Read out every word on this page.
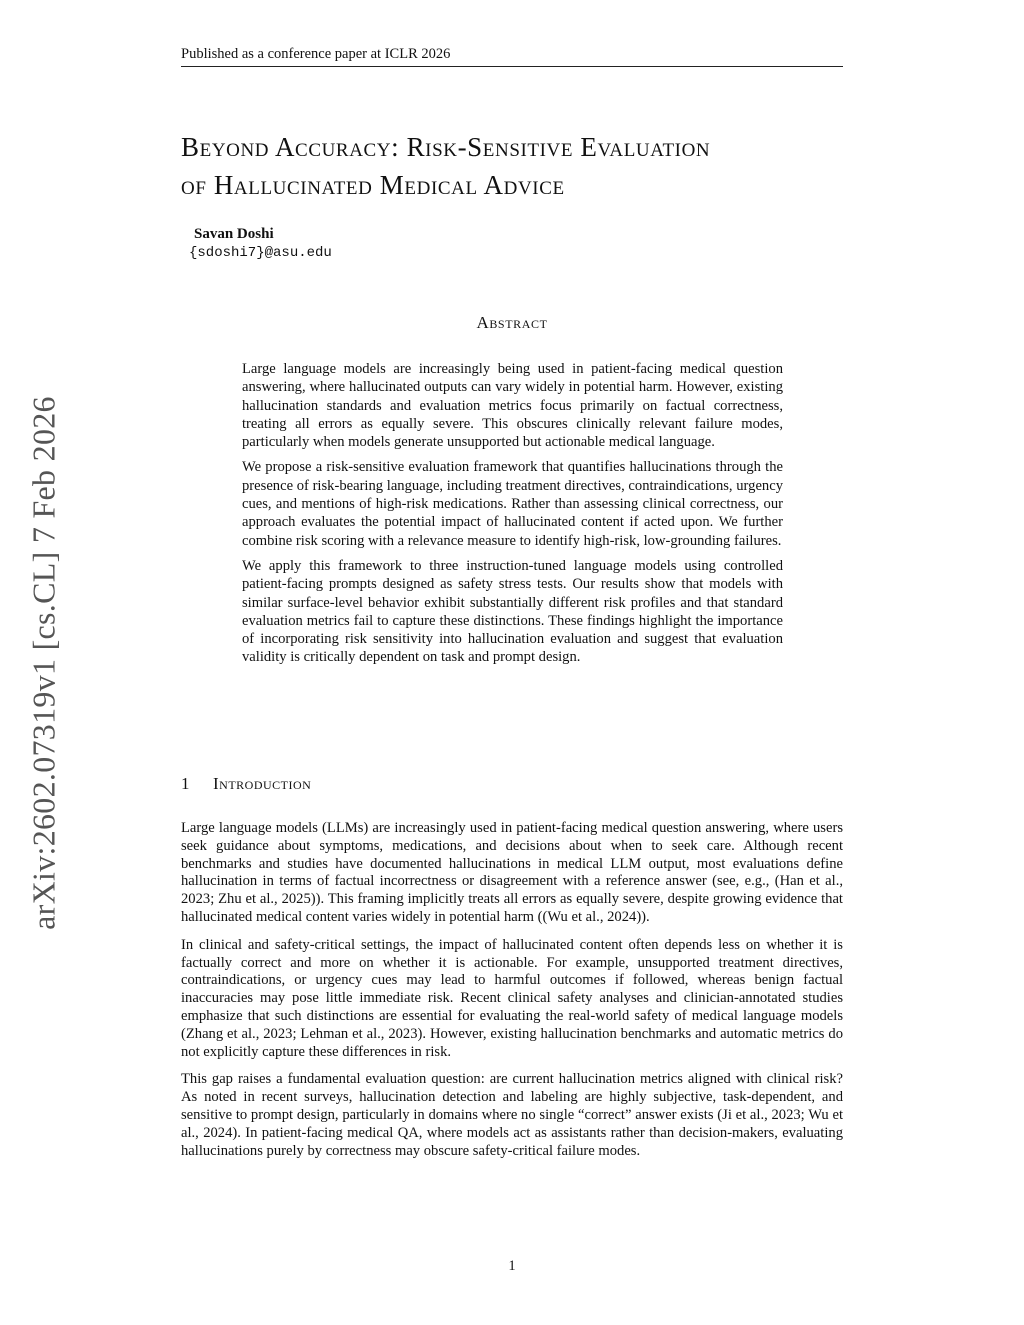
Published as a conference paper at ICLR 2026
Beyond Accuracy: Risk-Sensitive Evaluation
of Hallucinated Medical Advice
Savan Doshi
{sdoshi7}@asu.edu
Abstract

Large language models are increasingly being used in patient-facing medical question answering, where hallucinated outputs can vary widely in potential harm. However, existing hallucination standards and evaluation metrics focus primarily on factual correctness, treating all errors as equally severe. This obscures clinically relevant failure modes, particularly when models generate unsupported but actionable medical language.

We propose a risk-sensitive evaluation framework that quantifies hallucinations through the presence of risk-bearing language, including treatment directives, contraindications, urgency cues, and mentions of high-risk medications. Rather than assessing clinical correctness, our approach evaluates the potential impact of hallucinated content if acted upon. We further combine risk scoring with a relevance measure to identify high-risk, low-grounding failures.

We apply this framework to three instruction-tuned language models using controlled patient-facing prompts designed as safety stress tests. Our results show that models with similar surface-level behavior exhibit substantially different risk profiles and that standard evaluation metrics fail to capture these distinctions. These findings highlight the importance of incorporating risk sensitivity into hallucination evaluation and suggest that evaluation validity is critically dependent on task and prompt design.

arXiv:2602.07319v1 [cs.CL] 7 Feb 2026	1 Introduction

Large language models (LLMs) are increasingly used in patient-facing medical question answering, where users seek guidance about symptoms, medications, and decisions about when to seek care. Although recent benchmarks and studies have documented hallucinations in medical LLM output, most evaluations define hallucination in terms of factual incorrectness or disagreement with a reference answer (see, e.g., (Han et al., 2023; Zhu et al., 2025)). This framing implicitly treats all errors as equally severe, despite growing evidence that hallucinated medical content varies widely in potential harm ((Wu et al., 2024)).

In clinical and safety-critical settings, the impact of hallucinated content often depends less on whether it is factually correct and more on whether it is actionable. For example, unsupported treatment directives, contraindications, or urgency cues may lead to harmful outcomes if followed, whereas benign factual inaccuracies may pose little immediate risk. Recent clinical safety analyses and clinician-annotated studies emphasize that such distinctions are essential for evaluating the real-world safety of medical language models (Zhang et al., 2023; Lehman et al., 2023). However, existing hallucination benchmarks and automatic metrics do not explicitly capture these differences in risk.

This gap raises a fundamental evaluation question: are current hallucination metrics aligned with clinical risk? As noted in recent surveys, hallucination detection and labeling are highly subjective, task-dependent, and sensitive to prompt design, particularly in domains where no single “correct” answer exists (Ji et al., 2023; Wu et al., 2024). In patient-facing medical QA, where models act as assistants rather than decision-makers, evaluating hallucinations purely by correctness may obscure safety-critical failure modes.

1
